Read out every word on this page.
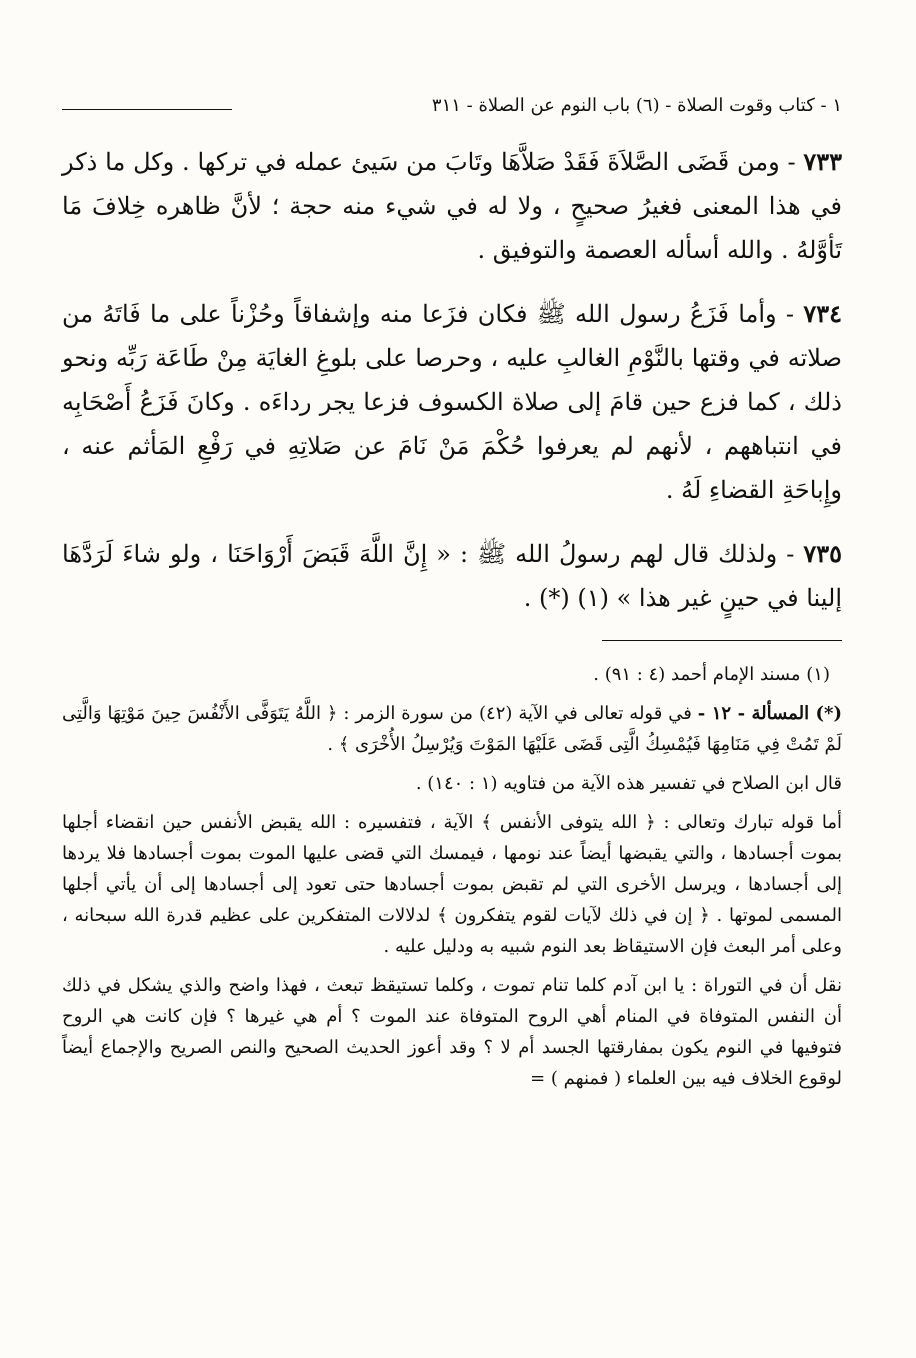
١ - كتاب وقوت الصلاة - (٦) باب النوم عن الصلاة - ٣١١

٧٣٣ - ومن قَضَى الصَّلاَةَ فَقَدْ صَلاَّهَا وتَابَ من سَيئ عمله في تركها . وكل ما ذكر في هذا المعنى فغيرُ صحيحٍ ، ولا له في شيء منه حجة ؛ لأنَّ ظاهره خِلافَ مَا تَأوَّلهُ . والله أسأله العصمة والتوفيق .

٧٣٤ - وأما فَزَعُ رسول الله ﷺ فكان فزَعا منه وإشفاقاً وحُزْناً على ما فَاتَهُ من صلاته في وقتها بالنَّوْمِ الغالبِ عليه ، وحرصا على بلوغِ الغايَة مِنْ طَاعَة رَبِّه ونحو ذلك ، كما فزع حين قامَ إلى صلاة الكسوف فزعا يجر رداءَه . وكانَ فَزَعُ أَصْحَابِه في انتباههم ، لأنهم لم يعرفوا حُكْمَ مَنْ نَامَ عن صَلاتِهِ في رَفْعِ المَأثم عنه ، وإِباحَةِ القضاءِ لَهُ .

٧٣٥ - ولذلك قال لهم رسولُ الله ﷺ : « إِنَّ اللَّهَ قَبَضَ أَرْوَاحَنَا ، ولو شاءَ لَرَدَّهَا إلينا في حينٍ غير هذا » (١) (*) .

(١) مسند الإمام أحمد (٤ : ٩١) .

(*) المسألة - ١٢ - في قوله تعالى في الآية (٤٢) من سورة الزمر : ﴿ اللَّهُ يَتَوَفَّى الأَنْفُسَ حِينَ مَوْتِهَا وَالَّتِى لَمْ تَمُتْ فِي مَنَامِهَا فَيُمْسِكُ الَّتِى قَضَى عَلَيْهَا المَوْتَ وَيُرْسِلُ الأُخْرَى ﴾ .

قال ابن الصلاح في تفسير هذه الآية من فتاويه (١ : ١٤٠) .

أما قوله تبارك وتعالى : ﴿ الله يتوفى الأنفس ﴾ الآية ، فتفسيره : الله يقبض الأنفس حين انقضاء أجلها بموت أجسادها ، والتي يقبضها أيضاً عند نومها ، فيمسك التي قضى عليها الموت بموت أجسادها فلا يردها إلى أجسادها ، ويرسل الأخرى التي لم تقبض بموت أجسادها حتى تعود إلى أجسادها إلى أن يأتي أجلها المسمى لموتها . ﴿ إن في ذلك لآيات لقوم يتفكرون ﴾ لدلالات المتفكرين على عظيم قدرة الله سبحانه ، وعلى أمر البعث فإن الاستيقاظ بعد النوم شبيه به ودليل عليه .

نقل أن في التوراة : يا ابن آدم كلما تنام تموت ، وكلما تستيقظ تبعث ، فهذا واضح والذي يشكل في ذلك أن النفس المتوفاة في المنام أهي الروح المتوفاة عند الموت ؟ أم هي غيرها ؟ فإن كانت هي الروح فتوفيها في النوم يكون بمفارقتها الجسد أم لا ؟ وقد أعوز الحديث الصحيح والنص الصريح والإجماع أيضاً لوقوع الخلاف فيه بين العلماء ( فمنهم ) =
